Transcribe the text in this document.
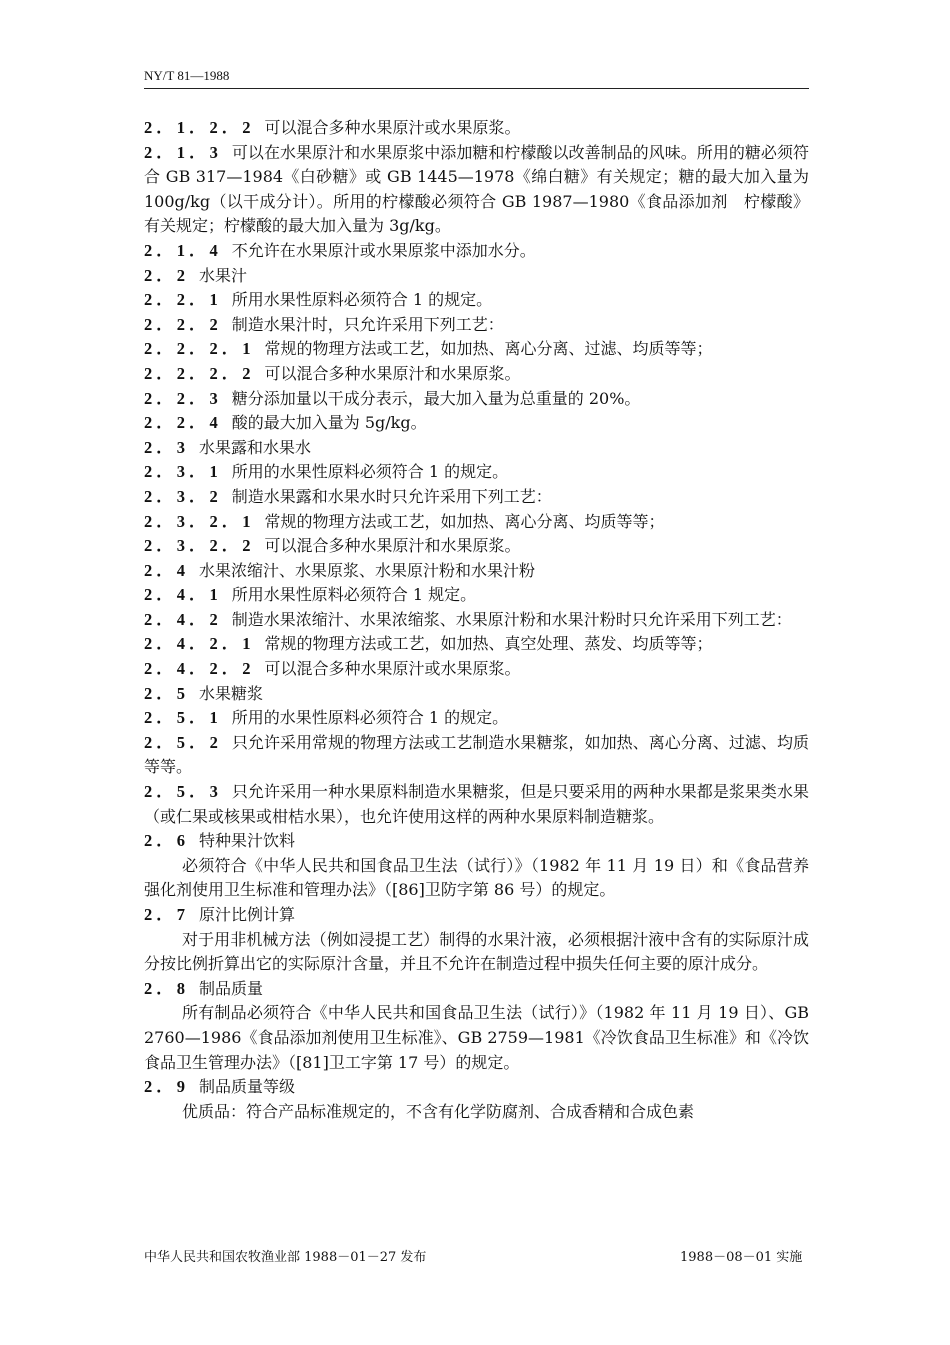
NY/T 81—1988

2．1．2．2 可以混合多种水果原汁或水果原浆。

2．1．3 可以在水果原汁和水果原浆中添加糖和柠檬酸以改善制品的风味。所用的糖必须符合 GB 317—1984《白砂糖》或 GB 1445—1978《绵白糖》有关规定；糖的最大加入量为 100g/kg（以干成分计）。所用的柠檬酸必须符合 GB 1987—1980《食品添加剂　柠檬酸》有关规定；柠檬酸的最大加入量为 3g/kg。

2．1．4 不允许在水果原汁或水果原浆中添加水分。

2．2 水果汁

2．2．1 所用水果性原料必须符合 1 的规定。

2．2．2 制造水果汁时，只允许采用下列工艺：

2．2．2．1 常规的物理方法或工艺，如加热、离心分离、过滤、均质等等；

2．2．2．2 可以混合多种水果原汁和水果原浆。

2．2．3 糖分添加量以干成分表示，最大加入量为总重量的 20%。

2．2．4 酸的最大加入量为 5g/kg。

2．3 水果露和水果水

2．3．1 所用的水果性原料必须符合 1 的规定。

2．3．2 制造水果露和水果水时只允许采用下列工艺：

2．3．2．1 常规的物理方法或工艺，如加热、离心分离、均质等等；

2．3．2．2 可以混合多种水果原汁和水果原浆。

2．4 水果浓缩汁、水果原浆、水果原汁粉和水果汁粉

2．4．1 所用水果性原料必须符合 1 规定。

2．4．2 制造水果浓缩汁、水果浓缩浆、水果原汁粉和水果汁粉时只允许采用下列工艺：

2．4．2．1 常规的物理方法或工艺，如加热、真空处理、蒸发、均质等等；

2．4．2．2 可以混合多种水果原汁或水果原浆。

2．5 水果糖浆

2．5．1 所用的水果性原料必须符合 1 的规定。

2．5．2 只允许采用常规的物理方法或工艺制造水果糖浆，如加热、离心分离、过滤、均质等等。

2．5．3 只允许采用一种水果原料制造水果糖浆，但是只要采用的两种水果都是浆果类水果（或仁果或核果或柑桔水果），也允许使用这样的两种水果原料制造糖浆。

2．6 特种果汁饮料

必须符合《中华人民共和国食品卫生法（试行）》（1982 年 11 月 19 日）和《食品营养强化剂使用卫生标准和管理办法》（[86]卫防字第 86 号）的规定。

2．7 原汁比例计算

对于用非机械方法（例如浸提工艺）制得的水果汁液，必须根据汁液中含有的实际原汁成分按比例折算出它的实际原汁含量，并且不允许在制造过程中损失任何主要的原汁成分。

2．8 制品质量

所有制品必须符合《中华人民共和国食品卫生法（试行）》（1982 年 11 月 19 日）、GB 2760—1986《食品添加剂使用卫生标准》、GB 2759—1981《冷饮食品卫生标准》和《冷饮食品卫生管理办法》（[81]卫工字第 17 号）的规定。

2．9 制品质量等级

优质品：符合产品标准规定的，不含有化学防腐剂、合成香精和合成色素

中华人民共和国农牧渔业部 1988－01－27 发布	1988－08－01 实施
